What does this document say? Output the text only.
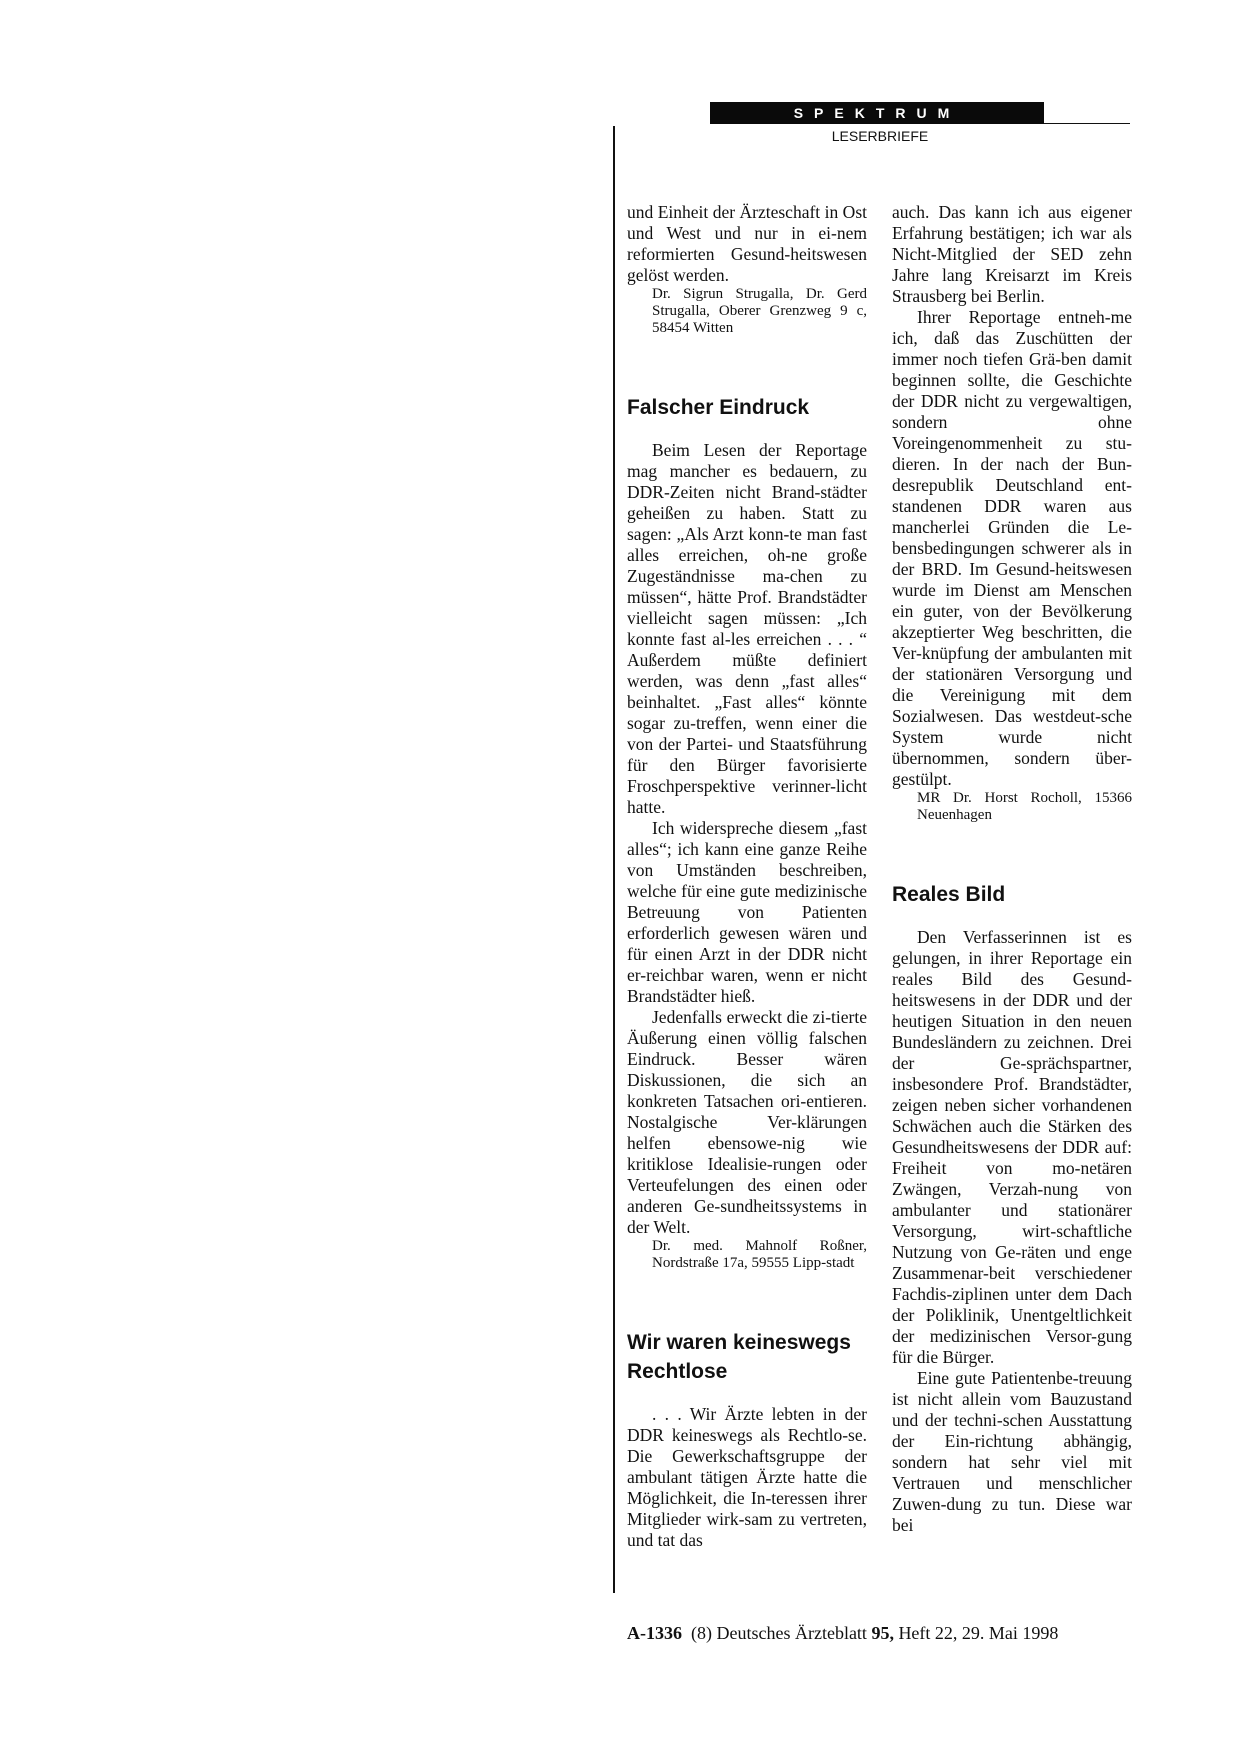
SPEKTRUM
LESERBRIEFE

und Einheit der Ärzteschaft in Ost und West und nur in ei-nem reformierten Gesund-heitswesen gelöst werden.

Dr. Sigrun Strugalla, Dr. Gerd Strugalla, Oberer Grenzweg 9 c, 58454 Witten

Falscher Eindruck

Beim Lesen der Reportage mag mancher es bedauern, zu DDR-Zeiten nicht Brand-städter geheißen zu haben. Statt zu sagen: „Als Arzt konn-te man fast alles erreichen, oh-ne große Zugeständnisse ma-chen zu müssen“, hätte Prof. Brandstädter vielleicht sagen müssen: „Ich konnte fast al-les erreichen . . . “ Außerdem müßte definiert werden, was denn „fast alles“ beinhaltet. „Fast alles“ könnte sogar zu-treffen, wenn einer die von der Partei- und Staatsführung für den Bürger favorisierte Froschperspektive verinner-licht hatte.

Ich widerspreche diesem „fast alles“; ich kann eine ganze Reihe von Umständen beschreiben, welche für eine gute medizinische Betreuung von Patienten erforderlich gewesen wären und für einen Arzt in der DDR nicht er-reichbar waren, wenn er nicht Brandstädter hieß.

Jedenfalls erweckt die zi-tierte Äußerung einen völlig falschen Eindruck. Besser wären Diskussionen, die sich an konkreten Tatsachen ori-entieren. Nostalgische Ver-klärungen helfen ebensowe-nig wie kritiklose Idealisie-rungen oder Verteufelungen des einen oder anderen Ge-sundheitssystems in der Welt.

Dr. med. Mahnolf Roßner, Nordstraße 17a, 59555 Lipp-stadt

Wir waren keineswegs Rechtlose

. . . Wir Ärzte lebten in der DDR keineswegs als Rechtlo-se. Die Gewerkschaftsgruppe der ambulant tätigen Ärzte hatte die Möglichkeit, die In-teressen ihrer Mitglieder wirk-sam zu vertreten, und tat das

auch. Das kann ich aus eigener Erfahrung bestätigen; ich war als Nicht-Mitglied der SED zehn Jahre lang Kreisarzt im Kreis Strausberg bei Berlin.

Ihrer Reportage entneh-me ich, daß das Zuschütten der immer noch tiefen Grä-ben damit beginnen sollte, die Geschichte der DDR nicht zu vergewaltigen, sondern ohne Voreingenommenheit zu stu-dieren. In der nach der Bun-desrepublik Deutschland ent-standenen DDR waren aus mancherlei Gründen die Le-bensbedingungen schwerer als in der BRD. Im Gesund-heitswesen wurde im Dienst am Menschen ein guter, von der Bevölkerung akzeptierter Weg beschritten, die Ver-knüpfung der ambulanten mit der stationären Versorgung und die Vereinigung mit dem Sozialwesen. Das westdeut-sche System wurde nicht übernommen, sondern über-gestülpt.

MR Dr. Horst Rocholl, 15366 Neuenhagen

Reales Bild

Den Verfasserinnen ist es gelungen, in ihrer Reportage ein reales Bild des Gesund-heitswesens in der DDR und der heutigen Situation in den neuen Bundesländern zu zeichnen. Drei der Ge-sprächspartner, insbesondere Prof. Brandstädter, zeigen neben sicher vorhandenen Schwächen auch die Stärken des Gesundheitswesens der DDR auf: Freiheit von mo-netären Zwängen, Verzah-nung von ambulanter und stationärer Versorgung, wirt-schaftliche Nutzung von Ge-räten und enge Zusammenar-beit verschiedener Fachdis-ziplinen unter dem Dach der Poliklinik, Unentgeltlichkeit der medizinischen Versor-gung für die Bürger.

Eine gute Patientenbe-treuung ist nicht allein vom Bauzustand und der techni-schen Ausstattung der Ein-richtung abhängig, sondern hat sehr viel mit Vertrauen und menschlicher Zuwen-dung zu tun. Diese war bei

A-1336 (8) Deutsches Ärzteblatt 95, Heft 22, 29. Mai 1998
